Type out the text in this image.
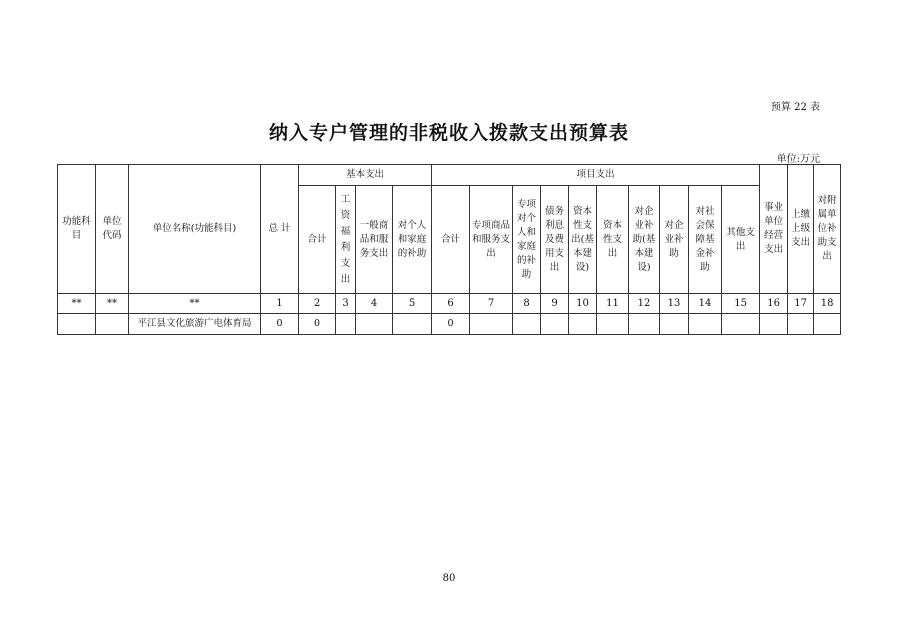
预算 22 表
纳入专户管理的非税收入拨款支出预算表
单位:万元
功能科目	单位代码	单位名称(功能科目)	总 计	基本支出				项目支出										事业单位经营支出	上缴上级支出	对附属单位补助支出

				合计	工资福利支出	一般商品和服务支出	对个人和家庭的补助	合计	专项商品和服务支出	专项对个人和家庭的补助	债务利息及费用支出	资本性支出(基本建设)	资本性支出	对企业补助(基本建设)	对企业补助	对社会保障基金补助	其他支出			

**	**	**	1	2	3	4	5	6	7	8	9	10	11	12	13	14	15	16	17	18
		平江县文化旅游广电体育局	0	0				0												
80
